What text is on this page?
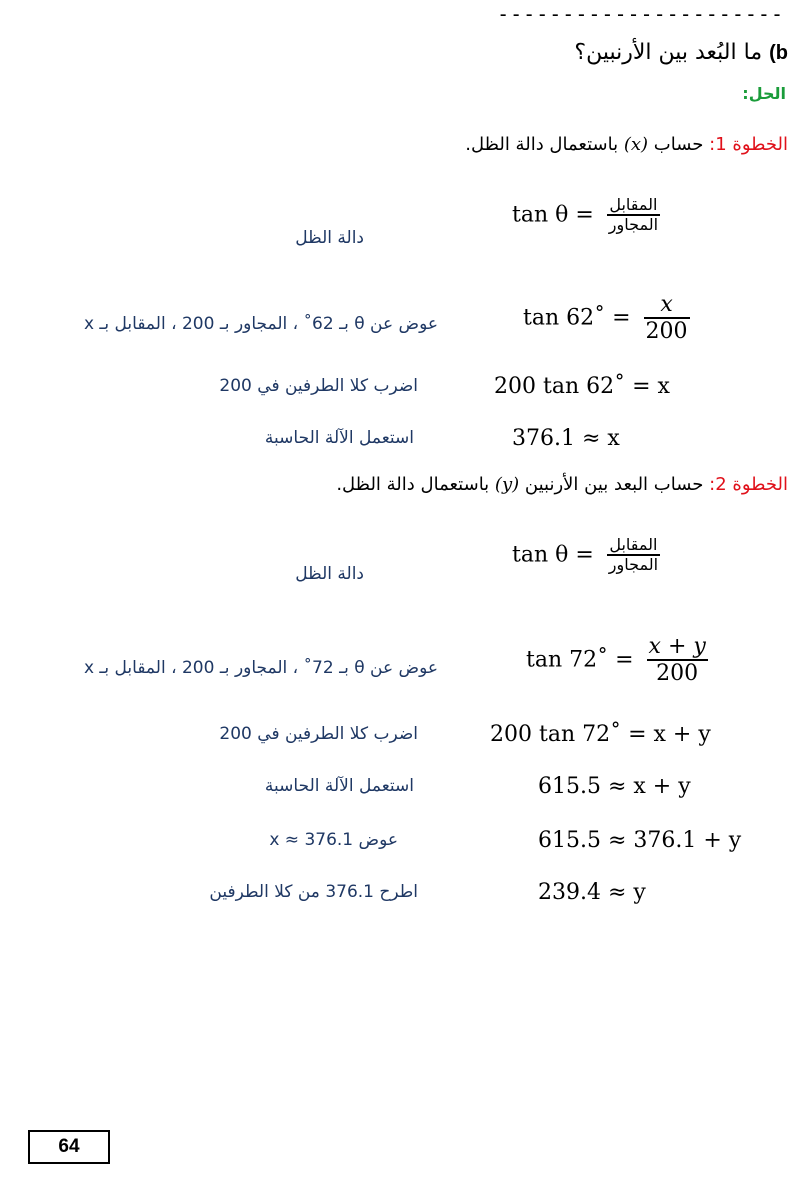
----------------------
b) ما البُعد بين الأرنبين؟
الحل:
الخطوة 1: حساب (x) باستعمال دالة الظل.
دالة الظل
$\tan \theta = \frac{\text{المقابل}}{\text{المجاور}}$
عوض عن θ بـ 62˚ ، المجاور بـ 200 ، المقابل بـ x	tan 62˚ = $\frac{x}{200}$
اضرب كلا الطرفين في 200	200 tan 62˚ = x
استعمل الآلة الحاسبة	376.1 ≈ x
الخطوة 2: حساب البعد بين الأرنبين (y) باستعمال دالة الظل.
دالة الظل
$\tan \theta = \frac{\text{المقابل}}{\text{المجاور}}$
عوض عن θ بـ 72˚ ، المجاور بـ 200 ، المقابل بـ x	tan 72˚ = $\frac{x + y}{200}$
اضرب كلا الطرفين في 200	200 tan 72˚ = x + y
استعمل الآلة الحاسبة	615.5 ≈ x + y
عوض x ≈ 376.1	615.5 ≈ 376.1 + y
اطرح 376.1 من كلا الطرفين	239.4 ≈ y
64
